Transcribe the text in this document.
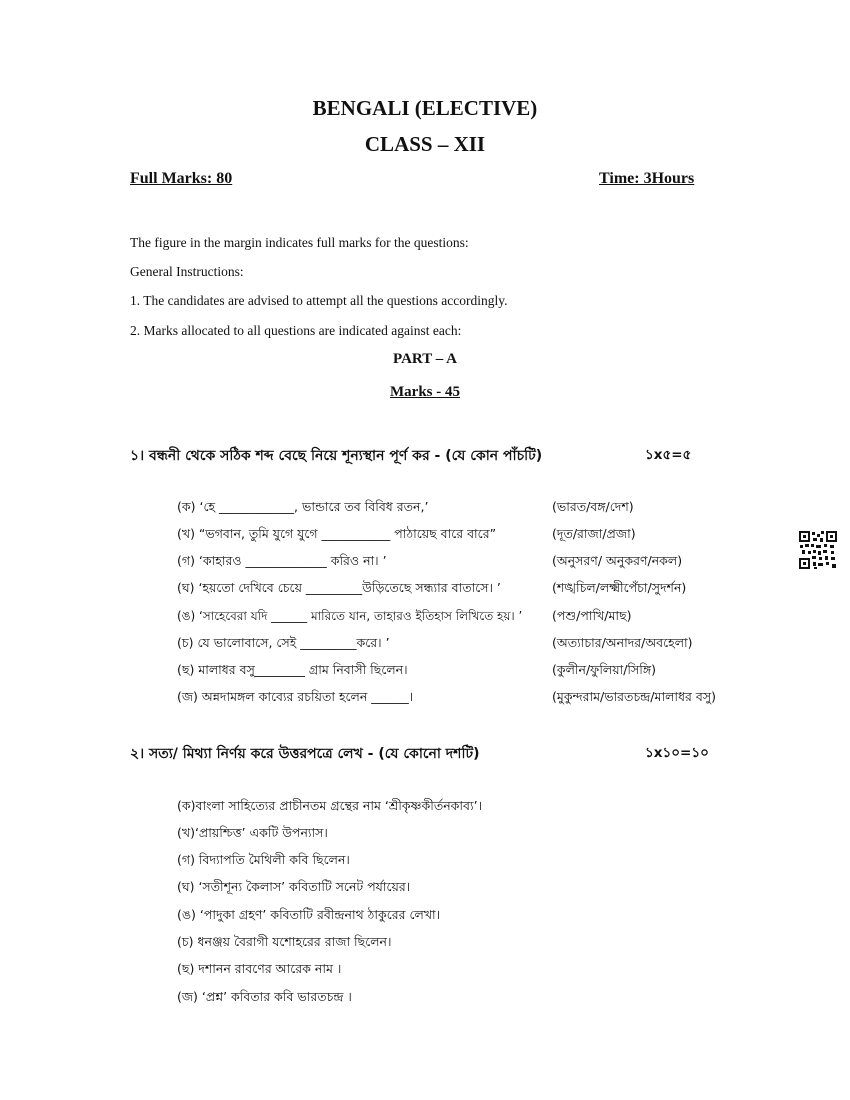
BENGALI (ELECTIVE)
CLASS – XII
Full Marks: 80	Time: 3Hours
The figure in the margin indicates full marks for the questions:
General Instructions:
1. The candidates are advised to attempt all the questions accordingly.
2. Marks allocated to all questions are indicated against each:
PART – A
Marks - 45
১। বন্ধনী থেকে সঠিক শব্দ বেছে নিয়ে শূন্যস্থান পূর্ণ কর - (যে কোন পাঁচটি)	১x৫=৫
(ক) ‘হে ____________, ভান্ডারে তব বিবিধ রতন,’	(ভারত/বঙ্গ/দেশ)
(খ) “ভগবান, তুমি যুগে যুগে ___________ পাঠায়েছ বারে বারে”	(দূত/রাজা/প্রজা)
(গ) ‘কাহারও _____________ করিও না। ’	(অনুসরণ/ অনুকরণ/নকল)
(ঘ) ‘হয়তো দেখিবে চেয়ে _________উড়িতেছে সন্ধ্যার বাতাসে। ’	(শঙ্খচিল/লক্ষ্মীপেঁচা/সুদর্শন)
(ঙ) ‘সাহেবেরা যদি ______ মারিতে যান, তাহারও ইতিহাস লিখিতে হয়। ’ (পশু/পাখি/মাছ)
(চ) যে ভালোবাসে, সেই _________করে। ’	(অত্যাচার/অনাদর/অবহেলা)
(ছ) মালাধর বসু________ গ্রাম নিবাসী ছিলেন।	(কুলীন/ফুলিয়া/সিঙ্গি)
(জ) অন্নদামঙ্গল কাব্যের রচয়িতা হলেন ______।	(মুকুন্দরাম/ভারতচন্দ্র/মালাধর বসু)
২। সত্য/ মিথ্যা নির্ণয় করে উত্তরপত্রে লেখ - (যে কোনো দশটি)	১x১০=১০
(ক)বাংলা সাহিত্যের প্রাচীনতম গ্রন্থের নাম ‘শ্রীকৃষ্ণকীর্তনকাব্য’।
(খ)‘প্রায়শ্চিত্ত’ একটি উপন্যাস।
(গ) বিদ্যাপতি মৈথিলী কবি ছিলেন।
(ঘ) ‘সতীশূন্য কৈলাস’ কবিতাটি সনেট পর্যায়ের।
(ঙ) ‘পাদুকা গ্রহণ’ কবিতাটি রবীন্দ্রনাথ ঠাকুরের লেখা।
(চ) ধনঞ্জয় বৈরাগী যশোহরের রাজা ছিলেন।
(ছ) দশানন রাবণের আরেক নাম ।
(জ) ‘প্রশ্ন’ কবিতার কবি ভারতচন্দ্র ।
